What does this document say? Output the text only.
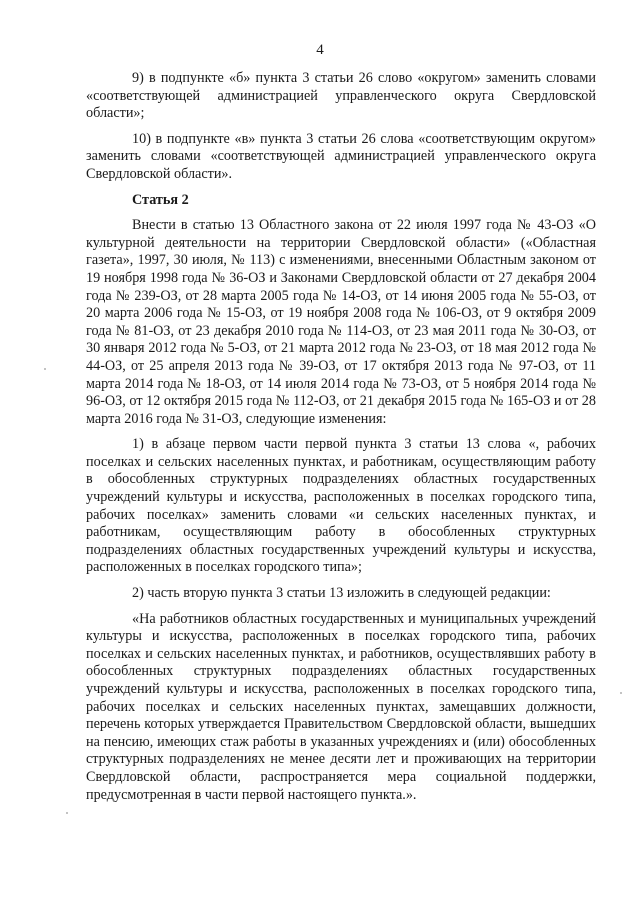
4

9) в подпункте «б» пункта 3 статьи 26 слово «округом» заменить словами «соответствующей администрацией управленческого округа Свердловской области»;

10) в подпункте «в» пункта 3 статьи 26 слова «соответствующим округом» заменить словами «соответствующей администрацией управленческого округа Свердловской области».

Статья 2

Внести в статью 13 Областного закона от 22 июля 1997 года № 43-ОЗ «О культурной деятельности на территории Свердловской области» («Областная газета», 1997, 30 июля, № 113) с изменениями, внесенными Областным законом от 19 ноября 1998 года № 36-ОЗ и Законами Свердловской области от 27 декабря 2004 года № 239-ОЗ, от 28 марта 2005 года № 14-ОЗ, от 14 июня 2005 года № 55-ОЗ, от 20 марта 2006 года № 15-ОЗ, от 19 ноября 2008 года № 106-ОЗ, от 9 октября 2009 года № 81-ОЗ, от 23 декабря 2010 года № 114-ОЗ, от 23 мая 2011 года № 30-ОЗ, от 30 января 2012 года № 5-ОЗ, от 21 марта 2012 года № 23-ОЗ, от 18 мая 2012 года № 44-ОЗ, от 25 апреля 2013 года № 39-ОЗ, от 17 октября 2013 года № 97-ОЗ, от 11 марта 2014 года № 18-ОЗ, от 14 июля 2014 года № 73-ОЗ, от 5 ноября 2014 года № 96-ОЗ, от 12 октября 2015 года № 112-ОЗ, от 21 декабря 2015 года № 165-ОЗ и от 28 марта 2016 года № 31-ОЗ, следующие изменения:

1) в абзаце первом части первой пункта 3 статьи 13 слова «, рабочих поселках и сельских населенных пунктах, и работникам, осуществляющим работу в обособленных структурных подразделениях областных государственных учреждений культуры и искусства, расположенных в поселках городского типа, рабочих поселках» заменить словами «и сельских населенных пунктах, и работникам, осуществляющим работу в обособленных структурных подразделениях областных государственных учреждений культуры и искусства, расположенных в поселках городского типа»;

2) часть вторую пункта 3 статьи 13 изложить в следующей редакции:

«На работников областных государственных и муниципальных учреждений культуры и искусства, расположенных в поселках городского типа, рабочих поселках и сельских населенных пунктах, и работников, осуществлявших работу в обособленных структурных подразделениях областных государственных учреждений культуры и искусства, расположенных в поселках городского типа, рабочих поселках и сельских населенных пунктах, замещавших должности, перечень которых утверждается Правительством Свердловской области, вышедших на пенсию, имеющих стаж работы в указанных учреждениях и (или) обособленных структурных подразделениях не менее десяти лет и проживающих на территории Свердловской области, распространяется мера социальной поддержки, предусмотренная в части первой настоящего пункта.».
